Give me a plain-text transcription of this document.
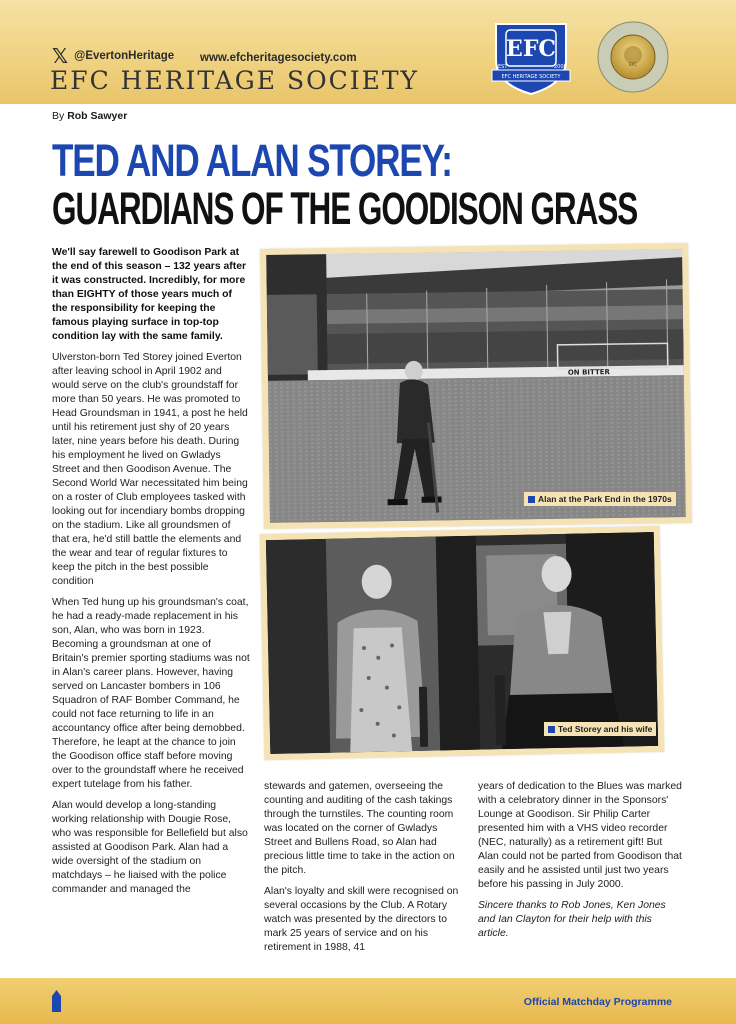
𝕏 @EvertonHeritage www.efcheritagesociety.com
EFC HERITAGE SOCIETY
EFC
EFC HERITAGE SOCIETY
EST	2008	EFC
By Rob Sawyer
TED AND ALAN STOREY:
GUARDIANS OF THE GOODISON GRASS

We'll say farewell to Goodison Park at the end of this season – 132 years after it was constructed. Incredibly, for more than EIGHTY of those years much of the responsibility for keeping the famous playing surface in top-top condition lay with the same family.

Ulverston-born Ted Storey joined Everton after leaving school in April 1902 and would serve on the club's groundstaff for more than 50 years. He was promoted to Head Groundsman in 1941, a post he held until his retirement just shy of 20 years later, nine years before his death. During his employment he lived on Gwladys Street and then Goodison Avenue. The Second World War necessitated him being on a roster of Club employees tasked with looking out for incendiary bombs dropping on the stadium. Like all groundsmen of that era, he'd still battle the elements and the wear and tear of regular fixtures to keep the pitch in the best possible condition

When Ted hung up his groundsman's coat, he had a ready-made replacement in his son, Alan, who was born in 1923. Becoming a groundsman at one of Britain's premier sporting stadiums was not in Alan's career plans. However, having served on Lancaster bombers in 106 Squadron of RAF Bomber Command, he could not face returning to life in an accountancy office after being demobbed. Therefore, he leapt at the chance to join the Goodison office staff before moving over to the groundstaff where he received expert tutelage from his father.

Alan would develop a long-standing working relationship with Dougie Rose, who was responsible for Bellefield but also assisted at Goodison Park. Alan had a wide oversight of the stadium on matchdays – he liaised with the police commander and managed the

ON BITTER
Alan at the Park End in the 1970s
Ted Storey and his wife

stewards and gatemen, overseeing the counting and auditing of the cash takings through the turnstiles. The counting room was located on the corner of Gwladys Street and Bullens Road, so Alan had precious little time to take in the action on the pitch.

Alan's loyalty and skill were recognised on several occasions by the Club. A Rotary watch was presented by the directors to mark 25 years of service and on his retirement in 1988, 41

years of dedication to the Blues was marked with a celebratory dinner in the Sponsors' Lounge at Goodison. Sir Philip Carter presented him with a VHS video recorder (NEC, naturally) as a retirement gift! But Alan could not be parted from Goodison that easily and he assisted until just two years before his passing in July 2000.

Sincere thanks to Rob Jones, Ken Jones and Ian Clayton for their help with this article.

Official Matchday Programme
